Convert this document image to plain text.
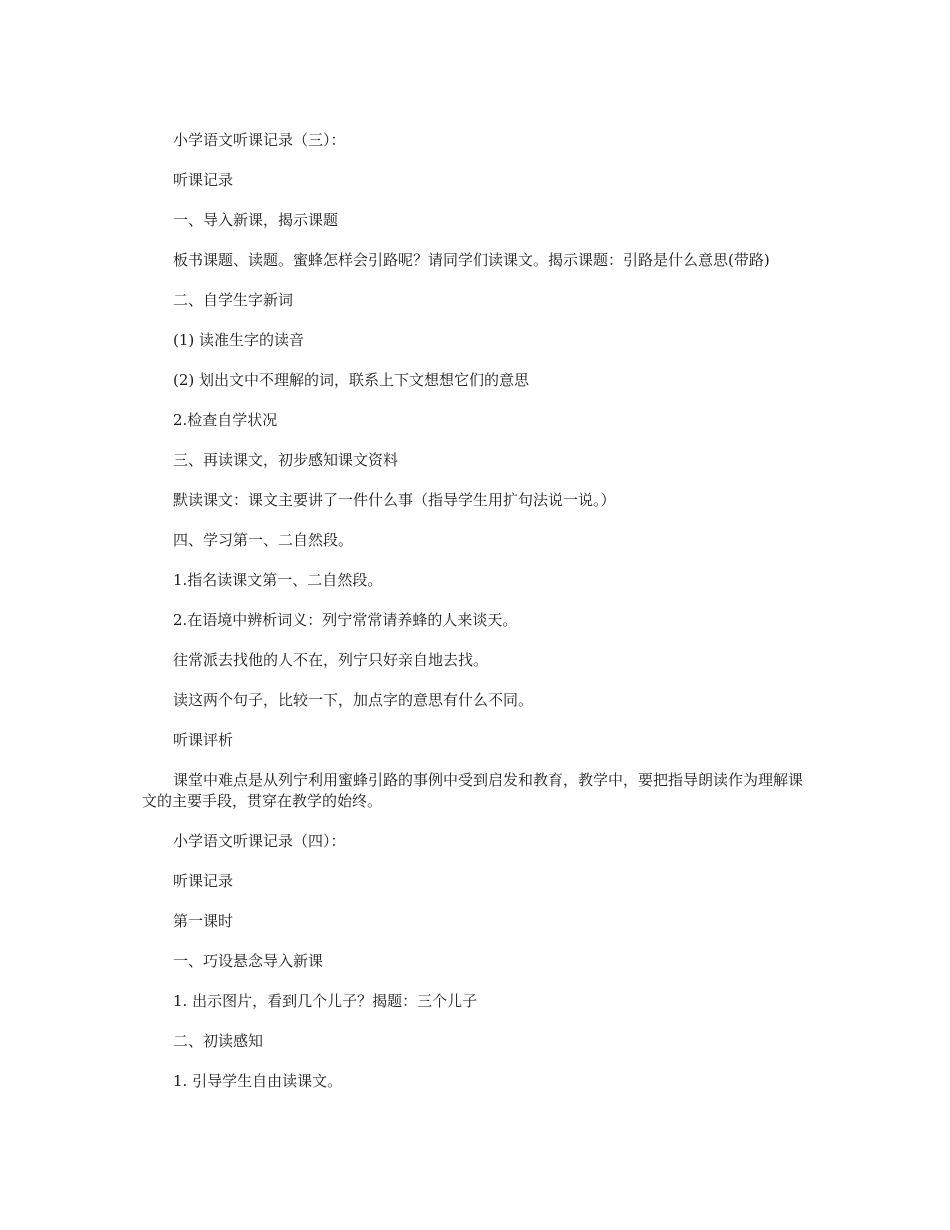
小学语文听课记录（三）：

听课记录

一、导入新课，揭示课题

板书课题、读题。蜜蜂怎样会引路呢？请同学们读课文。揭示课题：引路是什么意思(带路)

二、自学生字新词

(1) 读准生字的读音

(2) 划出文中不理解的词，联系上下文想想它们的意思

2.检查自学状况

三、再读课文，初步感知课文资料

默读课文：课文主要讲了一件什么事（指导学生用扩句法说一说。）

四、学习第一、二自然段。

1.指名读课文第一、二自然段。

2.在语境中辨析词义：列宁常常请养蜂的人来谈天。

往常派去找他的人不在，列宁只好亲自地去找。

读这两个句子，比较一下，加点字的意思有什么不同。

听课评析

课堂中难点是从列宁利用蜜蜂引路的事例中受到启发和教育，教学中，要把指导朗读作为理解课文的主要手段，贯穿在教学的始终。

小学语文听课记录（四）：

听课记录

第一课时

一、巧设悬念导入新课

1. 出示图片，看到几个儿子？揭题：三个儿子

二、初读感知

1. 引导学生自由读课文。
